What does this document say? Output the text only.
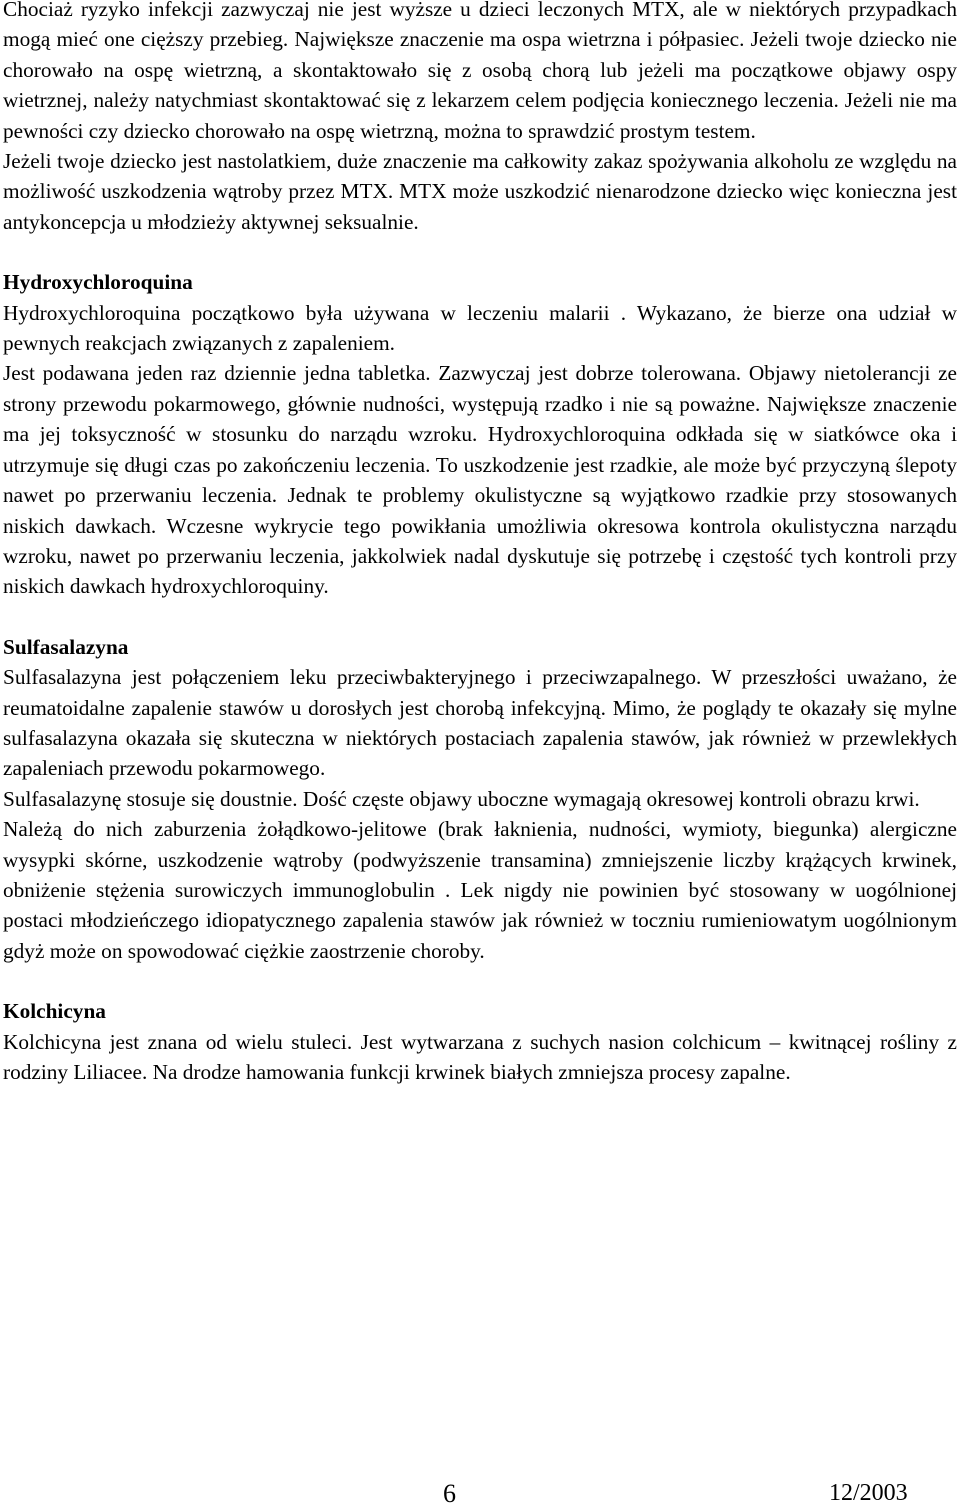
Chociaż ryzyko infekcji zazwyczaj nie jest wyższe u dzieci leczonych MTX, ale w niektórych przypadkach mogą mieć one cięższy przebieg. Największe znaczenie ma ospa wietrzna i półpasiec. Jeżeli twoje dziecko nie chorowało na ospę wietrzną, a skontaktowało się z osobą chorą lub jeżeli ma początkowe objawy ospy wietrznej, należy natychmiast skontaktować się z lekarzem celem podjęcia koniecznego leczenia. Jeżeli nie ma pewności czy dziecko chorowało na ospę wietrzną, można to sprawdzić prostym testem.

Jeżeli twoje dziecko jest nastolatkiem, duże znaczenie ma całkowity zakaz spożywania alkoholu ze względu na możliwość uszkodzenia wątroby przez MTX. MTX może uszkodzić nienarodzone dziecko więc konieczna jest antykoncepcja u młodzieży aktywnej seksualnie.

Hydroxychloroquina

Hydroxychloroquina początkowo była używana w leczeniu malarii . Wykazano, że bierze ona udział w pewnych reakcjach związanych z zapaleniem.

Jest podawana jeden raz dziennie jedna tabletka. Zazwyczaj jest dobrze tolerowana. Objawy nietolerancji ze strony przewodu pokarmowego, głównie nudności, występują rzadko i nie są poważne. Największe znaczenie ma jej toksyczność w stosunku do narządu wzroku. Hydroxychloroquina odkłada się w siatkówce oka i utrzymuje się długi czas po zakończeniu leczenia. To uszkodzenie jest rzadkie, ale może być przyczyną ślepoty nawet po przerwaniu leczenia. Jednak te problemy okulistyczne są wyjątkowo rzadkie przy stosowanych niskich dawkach. Wczesne wykrycie tego powikłania umożliwia okresowa kontrola okulistyczna narządu wzroku, nawet po przerwaniu leczenia, jakkolwiek nadal dyskutuje się potrzebę i częstość tych kontroli przy niskich dawkach hydroxychloroquiny.

Sulfasalazyna

Sulfasalazyna jest połączeniem leku przeciwbakteryjnego i przeciwzapalnego. W przeszłości uważano, że reumatoidalne zapalenie stawów u dorosłych jest chorobą infekcyjną. Mimo, że poglądy te okazały się mylne sulfasalazyna okazała się skuteczna w niektórych postaciach zapalenia stawów, jak również w przewlekłych zapaleniach przewodu pokarmowego.

Sulfasalazynę stosuje się doustnie. Dość częste objawy uboczne wymagają okresowej kontroli obrazu krwi.

Należą do nich zaburzenia żołądkowo-jelitowe (brak łaknienia, nudności, wymioty, biegunka) alergiczne wysypki skórne, uszkodzenie wątroby (podwyższenie transamina) zmniejszenie liczby krążących krwinek, obniżenie stężenia surowiczych immunoglobulin . Lek nigdy nie powinien być stosowany w uogólnionej postaci młodzieńczego idiopatycznego zapalenia stawów jak również w toczniu rumieniowatym uogólnionym gdyż może on spowodować ciężkie zaostrzenie choroby.

Kolchicyna

Kolchicyna jest znana od wielu stuleci. Jest wytwarzana z suchych nasion colchicum – kwitnącej rośliny z rodziny Liliacee. Na drodze hamowania funkcji krwinek białych zmniejsza procesy zapalne.

6	12/2003
